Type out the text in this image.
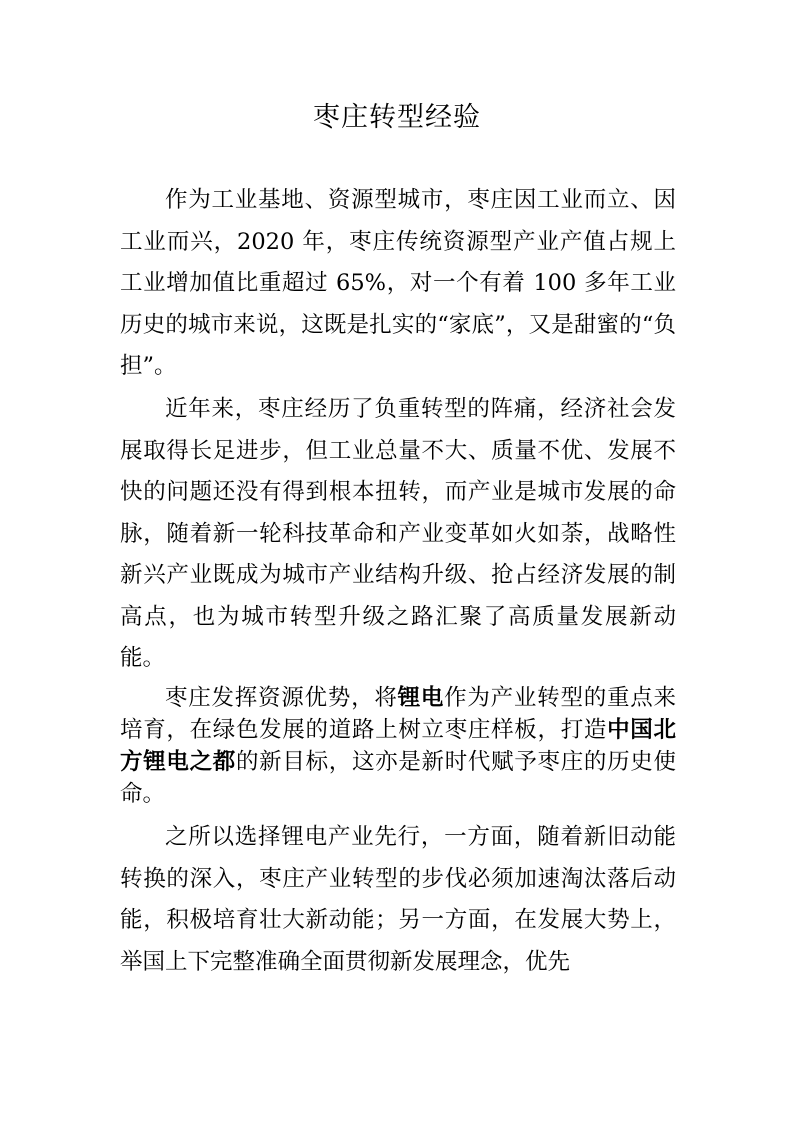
枣庄转型经验

作为工业基地、资源型城市，枣庄因工业而立、因工业而兴，2020 年，枣庄传统资源型产业产值占规上工业增加值比重超过 65%，对一个有着 100 多年工业历史的城市来说，这既是扎实的“家底”，又是甜蜜的“负担”。

近年来，枣庄经历了负重转型的阵痛，经济社会发展取得长足进步，但工业总量不大、质量不优、发展不快的问题还没有得到根本扭转，而产业是城市发展的命脉，随着新一轮科技革命和产业变革如火如荼，战略性新兴产业既成为城市产业结构升级、抢占经济发展的制高点，也为城市转型升级之路汇聚了高质量发展新动能。

枣庄发挥资源优势，将锂电作为产业转型的重点来培育，在绿色发展的道路上树立枣庄样板，打造中国北方锂电之都的新目标，这亦是新时代赋予枣庄的历史使命。

之所以选择锂电产业先行，一方面，随着新旧动能转换的深入，枣庄产业转型的步伐必须加速淘汰落后动能，积极培育壮大新动能；另一方面，在发展大势上，举国上下完整准确全面贯彻新发展理念，优先
